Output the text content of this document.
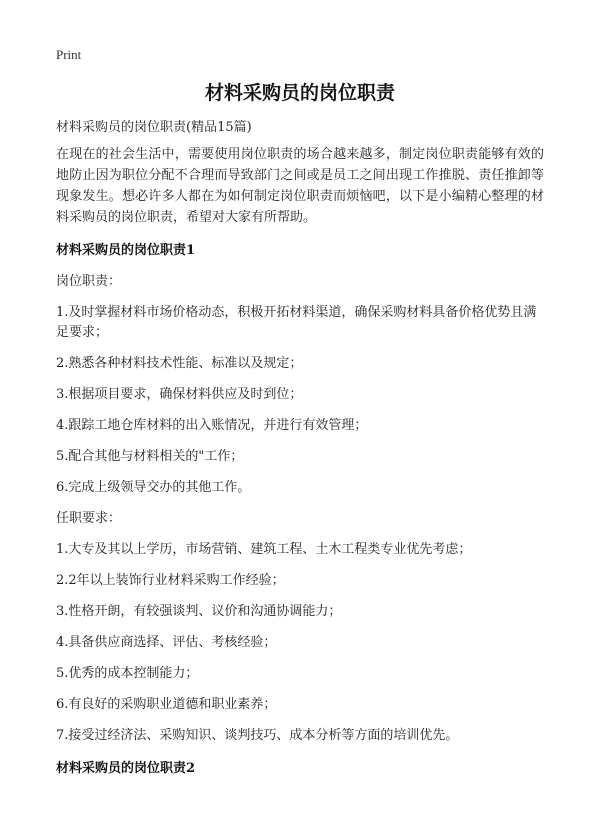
Print
材料采购员的岗位职责

材料采购员的岗位职责(精品15篇)

在现在的社会生活中，需要使用岗位职责的场合越来越多，制定岗位职责能够有效的地防止因为职位分配不合理而导致部门之间或是员工之间出现工作推脱、责任推卸等现象发生。想必许多人都在为如何制定岗位职责而烦恼吧，以下是小编精心整理的材料采购员的岗位职责，希望对大家有所帮助。

材料采购员的岗位职责1

岗位职责：

1.及时掌握材料市场价格动态，积极开拓材料渠道，确保采购材料具备价格优势且满足要求；

2.熟悉各种材料技术性能、标准以及规定；

3.根据项目要求，确保材料供应及时到位；

4.跟踪工地仓库材料的出入账情况，并进行有效管理；

5.配合其他与材料相关的"工作；

6.完成上级领导交办的其他工作。

任职要求：

1.大专及其以上学历，市场营销、建筑工程、土木工程类专业优先考虑；

2.2年以上装饰行业材料采购工作经验；

3.性格开朗，有较强谈判、议价和沟通协调能力；

4.具备供应商选择、评估、考核经验；

5.优秀的成本控制能力；

6.有良好的采购职业道德和职业素养；

7.接受过经济法、采购知识、谈判技巧、成本分析等方面的培训优先。

材料采购员的岗位职责2
